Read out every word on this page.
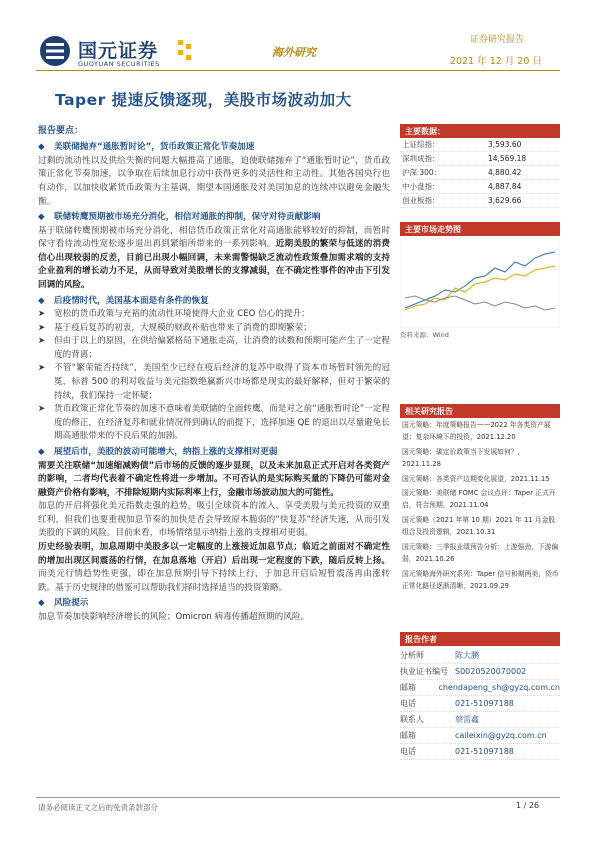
国元证券
GUOYUAN SECURITIES
海外研究
证券研究报告
2021 年 12 月 20 日
Taper 提速反馈逐现，美股市场波动加大
报告要点：
◆	美联储抛弃“通胀暂时论”，货币政策正常化节奏加速

过剩的流动性以及供给失衡的问题大幅推高了通胀，迫使联储抛弃了“通胀暂时论”，货币政策正常化节奏加速，以争取在后续加息行动中获得更多的灵活性和主动性。其他各国央行也有动作，以加快收紧货币政策为主基调，期望本国通胀及对美国加息的连续冲以避免金融失衡。

◆	联储转鹰预期被市场充分消化，相信对通胀的抑制，保守对待贡献影响

基于联储转鹰预期被市场充分消化，相信货币政策正常化对高通胀能够较好的抑制，而暂时保守看待流动性宽松逐步退出再到紧缩所带来的一系列影响。近期美股的繁荣与低迷的消费信心出现较弱的反差，目前已出现小幅回调，未来需警惕缺乏流动性政策叠加需求端的支持企业盈利的增长动力不足，从而导致对美股增长的支撑减弱，在不确定性事件的冲击下引发回调的风险。

◆	后疫情时代，美国基本面是有条件的恢复
➤	宽松的货币政策与充裕的流动性环境使得大企业 CEO 信心的提升；
➤	基于疫后复苏的初衷，大规模的财政补贴也带来了消费的即期繁荣；
➤	但由于以上的原因，在供给偏紧格局下通胀走高，让消费的读数和预期可能产生了一定程度的背离；
➤	不管“繁荣能否持续”，美国至少已经在疫后经济的复苏中取得了资本市场暂时领先的冠冕，标普 500 的利对收益与美元指数绝赢新兴市场都是现实的最好解释，但对于繁荣的持续，我们保持一定怀疑；
➤	货币政策正常化节奏的加速不意味着美联储的全面转鹰，而是对之前“通胀暂时论”一定程度的修正，在经济复苏和就业情况得到确认的前提下，选择加速 QE 的退出以尽量避免长期高通胀带来的不良后果的加剧。
◆	展望后市，美股的波动可能增大，纳指上涨的支撑相对更弱

需要关注联储“加速缩减购债”后市场的反馈的逐步显现，以及未来加息正式开启对各类资产的影响，二者均代表着不确定性将进一步增加。不可否认的是实际购买量的下降仍可能对金融资产价格有影响，不排除短期内实际利率上行，金融市场波动加大的可能性。

加息的开启将强化美元指数走强的趋势，吸引全球资本的流入，享受美股与美元投资的双重红利，但我们也要重视加息节奏的加快是否会导致原本脆弱的“快复苏”经济失速，从而引发美股的下调的风险。目前来看，市场情绪显示纳指上涨的支撑相对更弱。

历史经验表明，加息周期中美股多以一定幅度的上涨接近加息节点；临近之前面对不确定性的增加出现区间震荡的行情，在加息落地（开启）后出现一定程度的下跌，随后反转上扬。而美元行情趋势性更强，即在加息预期引导下持续上行，于加息开启后短暂震荡再由涨转跌。基于历史规律的借鉴可以帮助我们择时选择适当的投资策略。

◆	风险提示

加息节奏加快影响经济增长的风险；Omicron 病毒传播超预期的风险。

主要数据：
上证综指：	3,593.60
深圳成指：	14,569.18
沪深 300：	4,880.42
中小盘指：	4,887.84
创业板指：	3,629.66
主要市场走势图
资料来源：Wind
相关研究报告
国元策略：年度策略报告——2022 年各类资产展望：复杂环境下的投资，2021.12.20
国元策略：碳定价政策当下发展如何？，2021.11.28
国元策略：各类资产边期变化展望，2021.11.15
国元策略：美联储 FOMC 会议点评：Taper 正式开启，符合预期，2021.11.04
国元策略（2021 年第 10 期）2021 年 11 月金股组合及投资逻辑，2021.10.31
国元策略：三季报业绩预告分析：上游强劲，下游偏弱，2021.10.26
国元策略海外研究系列：Taper 信号和期两美，货币正常化路径逐渐清晰，2021.09.29
报告作者
分析师	陈大鹏
执业证书编号 S0020520070002
邮箱	chendapeng_sh@gyzq.com.cn
电话	021-51097188
联系人	蔡雷鑫
邮箱	caileixin@gyzq.com.cn
电话	021-51097188
请务必阅读正文之后的免责条款部分	1 / 26
